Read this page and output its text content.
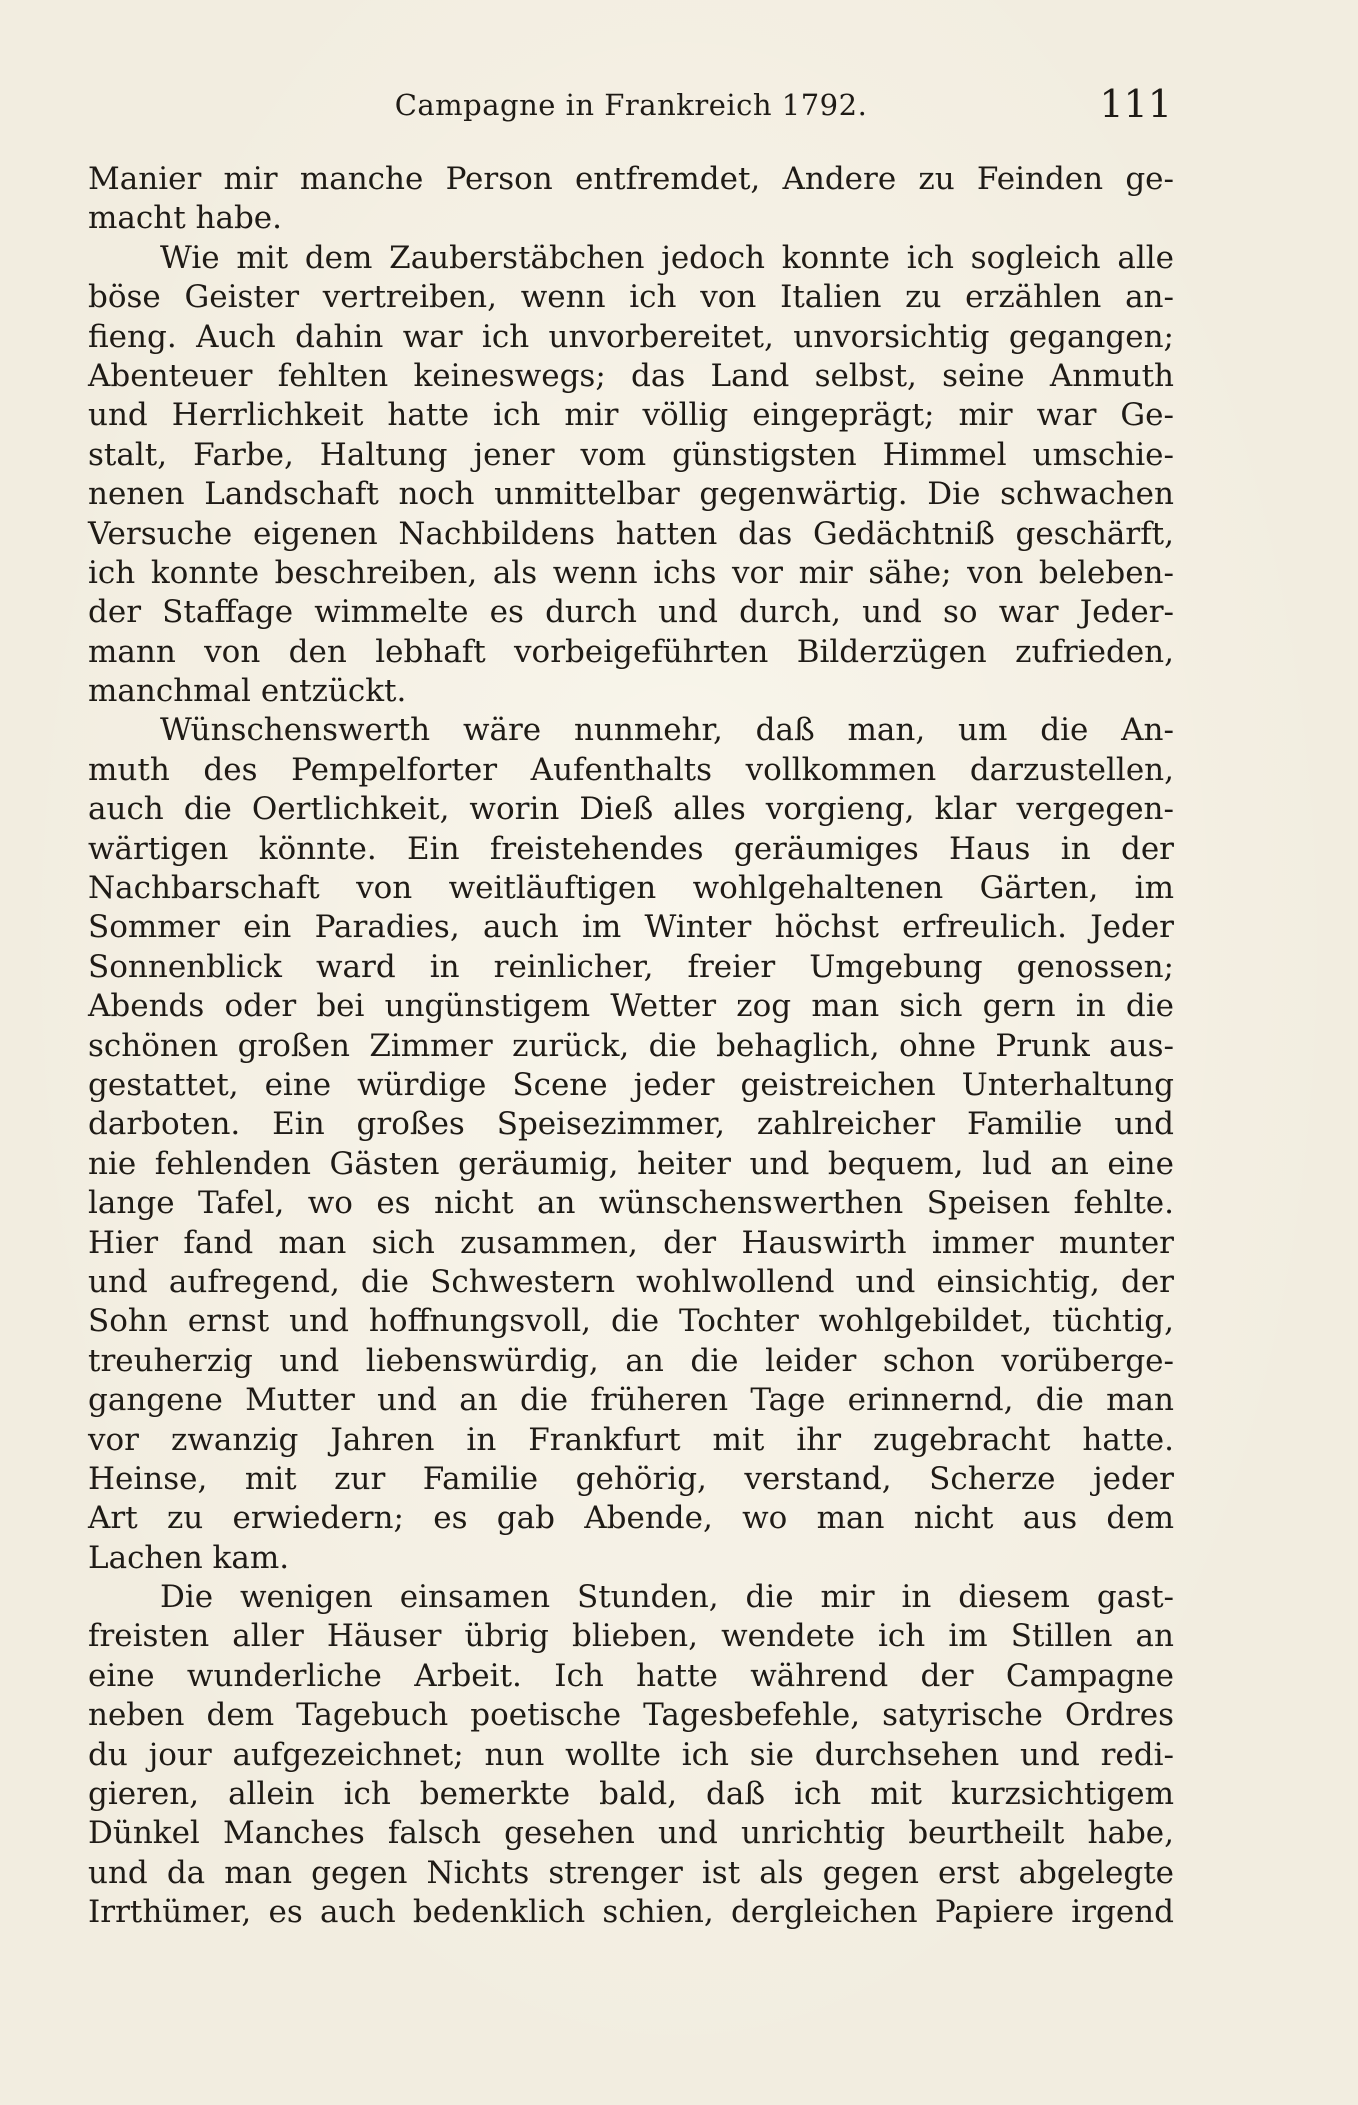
Campagne in Frankreich 1792.	111
Manier mir manche Person entfremdet, Andere zu Feinden ge-
macht habe.
Wie mit dem Zauberstäbchen jedoch konnte ich sogleich alle
böse Geister vertreiben, wenn ich von Italien zu erzählen an-
fieng. Auch dahin war ich unvorbereitet, unvorsichtig gegangen;
Abenteuer fehlten keineswegs; das Land selbst, seine Anmuth
und Herrlichkeit hatte ich mir völlig eingeprägt; mir war Ge-
stalt, Farbe, Haltung jener vom günstigsten Himmel umschie-
nenen Landschaft noch unmittelbar gegenwärtig. Die schwachen
Versuche eigenen Nachbildens hatten das Gedächtniß geschärft,
ich konnte beschreiben, als wenn ichs vor mir sähe; von beleben-
der Staffage wimmelte es durch und durch, und so war Jeder-
mann von den lebhaft vorbeigeführten Bilderzügen zufrieden,
manchmal entzückt.
Wünschenswerth wäre nunmehr, daß man, um die An-
muth des Pempelforter Aufenthalts vollkommen darzustellen,
auch die Oertlichkeit, worin Dieß alles vorgieng, klar vergegen-
wärtigen könnte. Ein freistehendes geräumiges Haus in der
Nachbarschaft von weitläuftigen wohlgehaltenen Gärten, im
Sommer ein Paradies, auch im Winter höchst erfreulich. Jeder
Sonnenblick ward in reinlicher, freier Umgebung genossen;
Abends oder bei ungünstigem Wetter zog man sich gern in die
schönen großen Zimmer zurück, die behaglich, ohne Prunk aus-
gestattet, eine würdige Scene jeder geistreichen Unterhaltung
darboten. Ein großes Speisezimmer, zahlreicher Familie und
nie fehlenden Gästen geräumig, heiter und bequem, lud an eine
lange Tafel, wo es nicht an wünschenswerthen Speisen fehlte.
Hier fand man sich zusammen, der Hauswirth immer munter
und aufregend, die Schwestern wohlwollend und einsichtig, der
Sohn ernst und hoffnungsvoll, die Tochter wohlgebildet, tüchtig,
treuherzig und liebenswürdig, an die leider schon vorüberge-
gangene Mutter und an die früheren Tage erinnernd, die man
vor zwanzig Jahren in Frankfurt mit ihr zugebracht hatte.
Heinse, mit zur Familie gehörig, verstand, Scherze jeder
Art zu erwiedern; es gab Abende, wo man nicht aus dem
Lachen kam.
Die wenigen einsamen Stunden, die mir in diesem gast-
freisten aller Häuser übrig blieben, wendete ich im Stillen an
eine wunderliche Arbeit. Ich hatte während der Campagne
neben dem Tagebuch poetische Tagesbefehle, satyrische Ordres
du jour aufgezeichnet; nun wollte ich sie durchsehen und redi-
gieren, allein ich bemerkte bald, daß ich mit kurzsichtigem
Dünkel Manches falsch gesehen und unrichtig beurtheilt habe,
und da man gegen Nichts strenger ist als gegen erst abgelegte
Irrthümer, es auch bedenklich schien, dergleichen Papiere irgend
